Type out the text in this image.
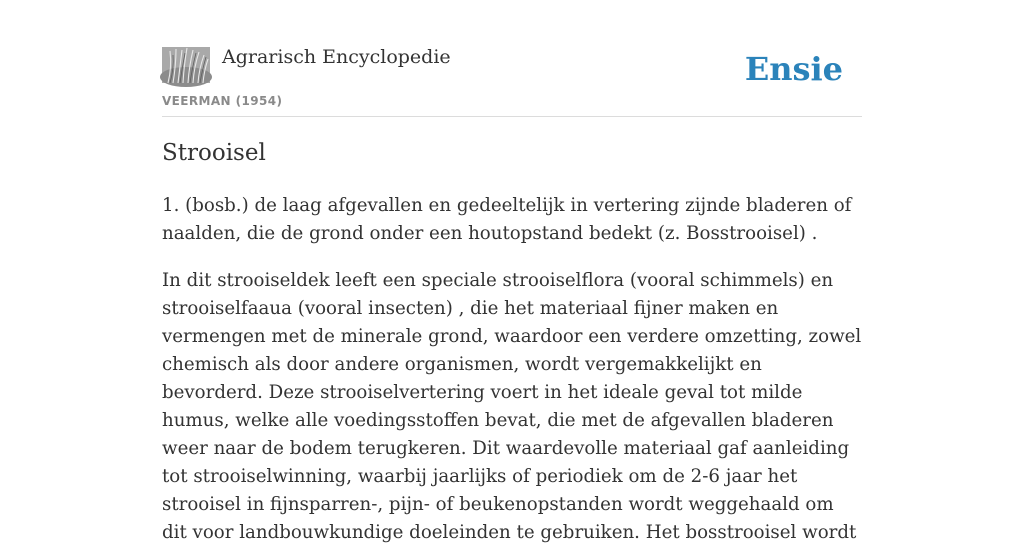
Agrarisch Encyclopedie
VEERMAN (1954)
Ensie
Strooisel

1. (bosb.) de laag afgevallen en gedeeltelijk in vertering zijnde bladeren of naalden, die de grond onder een houtopstand bedekt (z. Bosstrooisel) .

In dit strooiseldek leeft een speciale strooiselflora (vooral schimmels) en strooiselfaaua (vooral insecten) , die het materiaal fijner maken en vermengen met de minerale grond, waardoor een verdere omzetting, zowel chemisch als door andere organismen, wordt vergemakkelijkt en bevorderd. Deze strooiselvertering voert in het ideale geval tot milde humus, welke alle voedingsstoffen bevat, die met de afgevallen bladeren weer naar de bodem terugkeren. Dit waardevolle materiaal gaf aanleiding tot strooiselwinning, waarbij jaarlijks of periodiek om de 2-6 jaar het strooisel in fijnsparren-, pijn- of beukenopstanden wordt weggehaald om dit voor landbouwkundige doeleinden te gebruiken. Het bosstrooisel wordt
